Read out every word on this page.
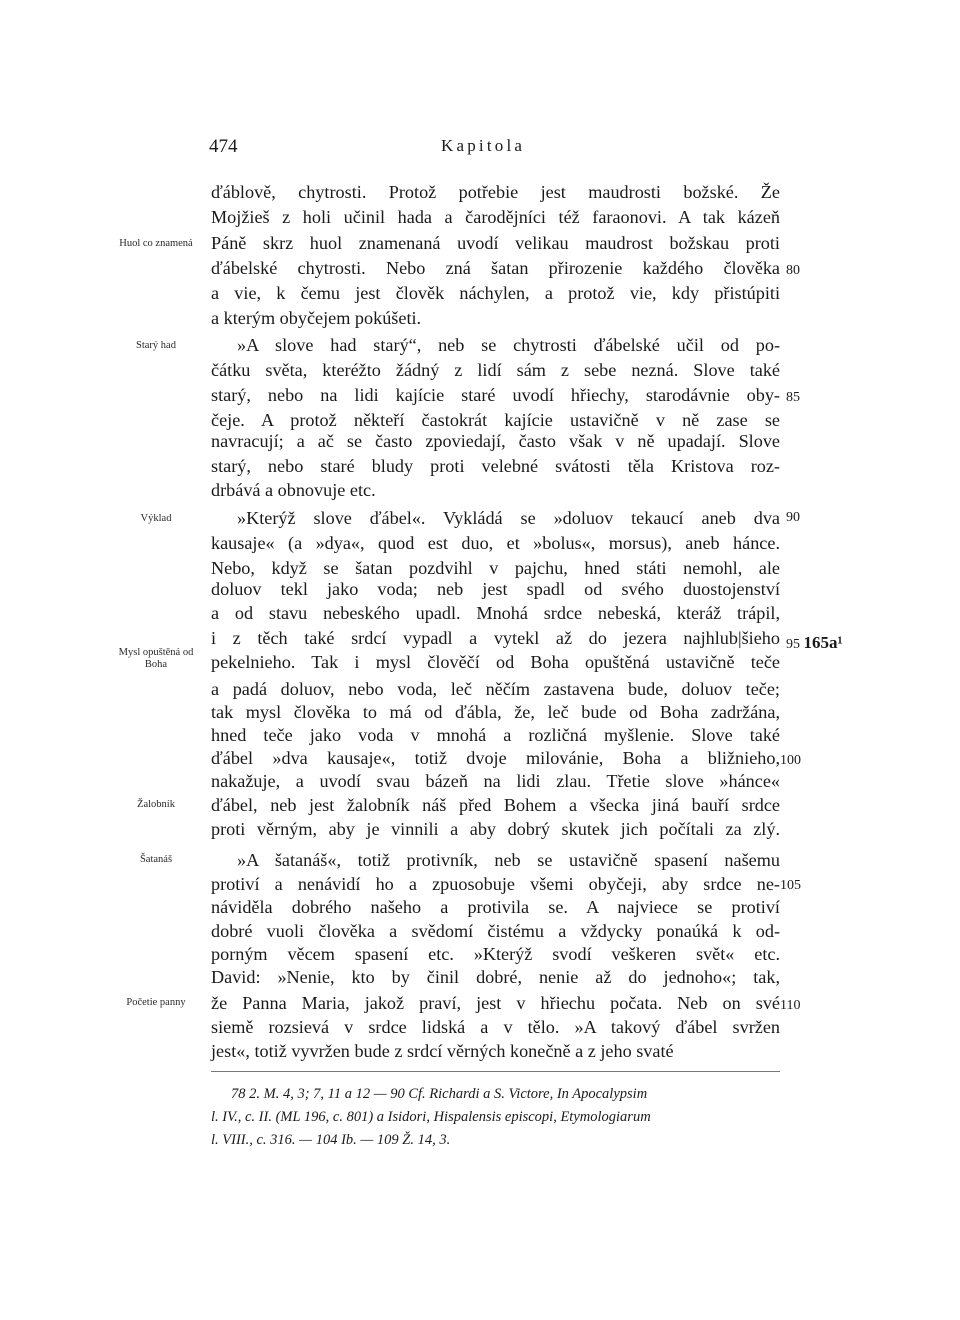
474	Kapitola
ďáblově, chytrosti. Protož potřebie jest maudrosti božské. Že
Mojžieš z holi učinil hada a čarodějníci též faraonovi. A tak kázeň
Páně skrz huol znamenaná uvodí velikau maudrost božskau proti
ďábelské chytrosti. Nebo zná šatan přirozenie každého člověka
a vie, k čemu jest člověk náchylen, a protož vie, kdy přistúpiti
a kterým obyčejem pokúšeti.
»A slove had starý“, neb se chytrosti ďábelské učil od po-
čátku světa, kteréžto žádný z lidí sám z sebe nezná. Slove také
starý, nebo na lidi kajície staré uvodí hřiechy, starodávnie oby-
čeje. A protož někteří častokrát kajície ustavičně v ně zase se
navracují; a ač se často zpoviedají, často však v ně upadají. Slove
starý, nebo staré bludy proti velebné svátosti těla Kristova roz-
drbává a obnovuje etc.
»Kterýž slove ďábel«. Vykládá se »doluov tekaucí aneb dva
kausaje« (a »dya«, quod est duo, et »bolus«, morsus), aneb hánce.
Nebo, když se šatan pozdvihl v pajchu, hned státi nemohl, ale
doluov tekl jako voda; neb jest spadl od svého duostojenství
a od stavu nebeského upadl. Mnohá srdce nebeská, kteráž trápil,
i z těch také srdcí vypadl a vytekl až do jezera najhlub|šieho
pekelnieho. Tak i mysl člověčí od Boha opuštěná ustavičně teče
a padá doluov, nebo voda, leč něčím zastavena bude, doluov teče;
tak mysl člověka to má od ďábla, že, leč bude od Boha zadržána,
hned teče jako voda v mnohá a rozličná myšlenie. Slove také
ďábel »dva kausaje«, totiž dvoje milovánie, Boha a bližnieho,
nakažuje, a uvodí svau bázeň na lidi zlau. Třetie slove »hánce«
ďábel, neb jest žalobník náš před Bohem a všecka jiná bauří srdce
proti věrným, aby je vinnili a aby dobrý skutek jich počítali za zlý.
»A šatanáš«, totiž protivník, neb se ustavičně spasení našemu
protiví a nenávidí ho a zpuosobuje všemi obyčeji, aby srdce ne-
náviděla dobrého našeho a protivila se. A najviece se protiví
dobré vuoli člověka a svědomí čistému a vždycky ponaúká k od-
porným věcem spasení etc. »Kterýž svodí veškeren svět« etc.
David: »Nenie, kto by činil dobré, nenie až do jednoho«; tak,
že Panna Maria, jakož praví, jest v hřiechu počata. Neb on své
siemě rozsievá v srdce lidská a v tělo. »A takový ďábel svržen
jest«, totiž vyvržen bude z srdcí věrných konečně a z jeho svaté
Huol co znamená
Starý had
Výklad
Mysl opuštěná od Boha
Žalobník
Šatanáš
Početie panny
80
85
90
95 165a¹
100
105
110
78 2. M. 4, 3; 7, 11 a 12 — 90 Cf. Richardi a S. Victore, In Apocalypsim
l. IV., c. II. (ML 196, c. 801) a Isidori, Hispalensis episcopi, Etymologiarum
l. VIII., c. 316. — 104 Ib. — 109 Ž. 14, 3.
